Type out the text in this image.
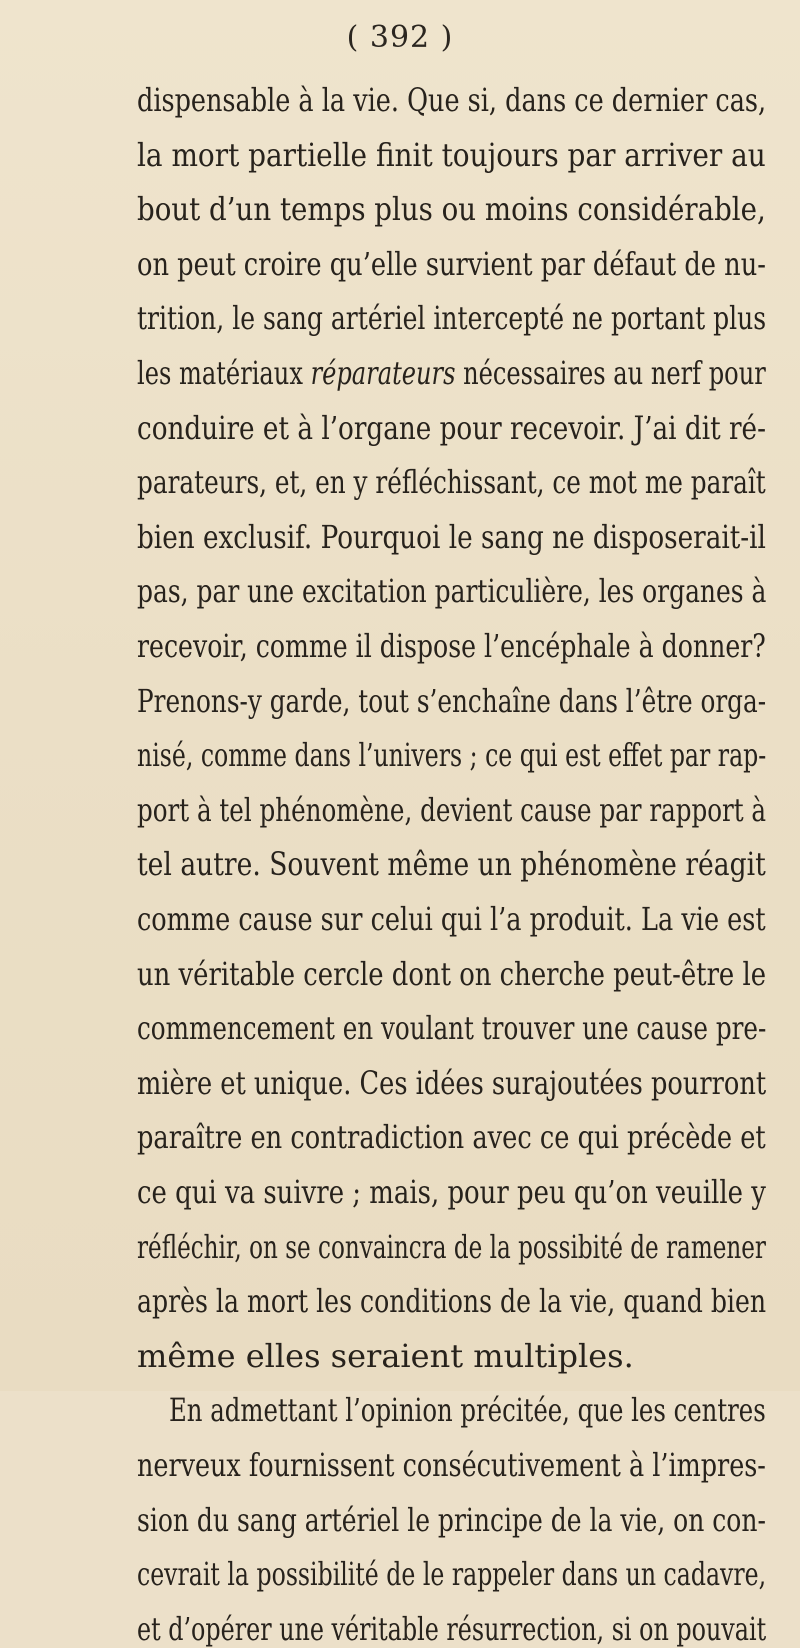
( 392 )
dispensable à la vie. Que si, dans ce dernier cas,
la mort partielle finit toujours par arriver au
bout d’un temps plus ou moins considérable,
on peut croire qu’elle survient par défaut de nu-
trition, le sang artériel intercepté ne portant plus
les matériaux réparateurs nécessaires au nerf pour
conduire et à l’organe pour recevoir. J’ai dit ré-
parateurs, et, en y réfléchissant, ce mot me paraît
bien exclusif. Pourquoi le sang ne disposerait-il
pas, par une excitation particulière, les organes à
recevoir, comme il dispose l’encéphale à donner?
Prenons-y garde, tout s’enchaîne dans l’être orga-
nisé, comme dans l’univers ; ce qui est effet par rap-
port à tel phénomène, devient cause par rapport à
tel autre. Souvent même un phénomène réagit
comme cause sur celui qui l’a produit. La vie est
un véritable cercle dont on cherche peut-être le
commencement en voulant trouver une cause pre-
mière et unique. Ces idées surajoutées pourront
paraître en contradiction avec ce qui précède et
ce qui va suivre ; mais, pour peu qu’on veuille y
réfléchir, on se convaincra de la possibité de ramener
après la mort les conditions de la vie, quand bien
même elles seraient multiples.
En admettant l’opinion précitée, que les centres
nerveux fournissent consécutivement à l’impres-
sion du sang artériel le principe de la vie, on con-
cevrait la possibilité de le rappeler dans un cadavre,
et d’opérer une véritable résurrection, si on pouvait
